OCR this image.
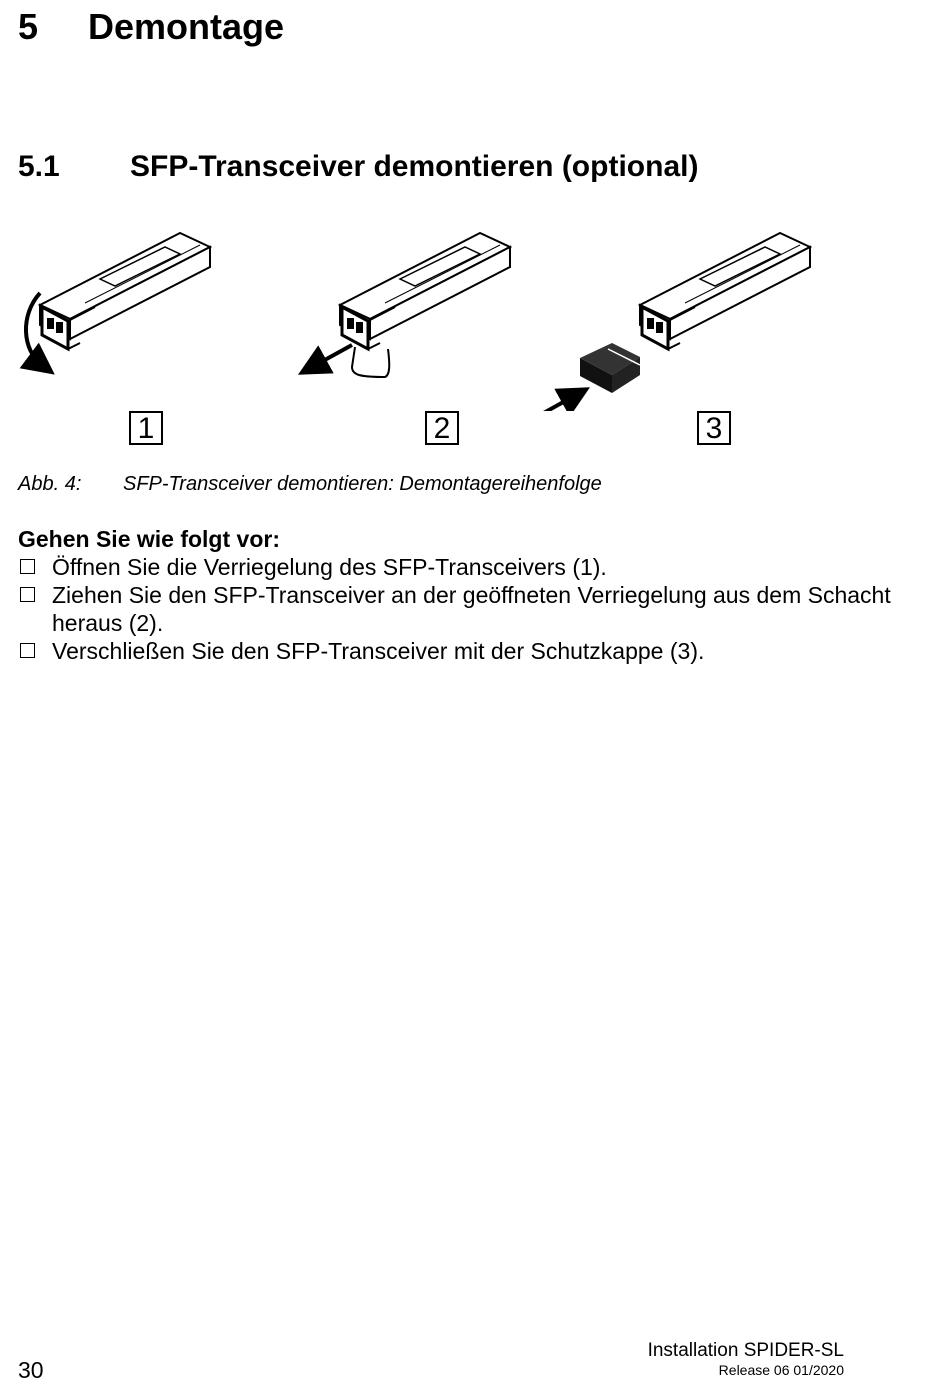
5 Demontage
5.1 SFP-Transceiver demontieren (optional)
1	2	3
Abb. 4: SFP-Transceiver demontieren: Demontagereihenfolge
Gehen Sie wie folgt vor:
Öffnen Sie die Verriegelung des SFP-Transceivers (1).
Ziehen Sie den SFP-Transceiver an der geöffneten Verriegelung aus dem Schacht heraus (2).
Verschließen Sie den SFP-Transceiver mit der Schutzkappe (3).
30
Installation SPIDER-SL
Release 06 01/2020
